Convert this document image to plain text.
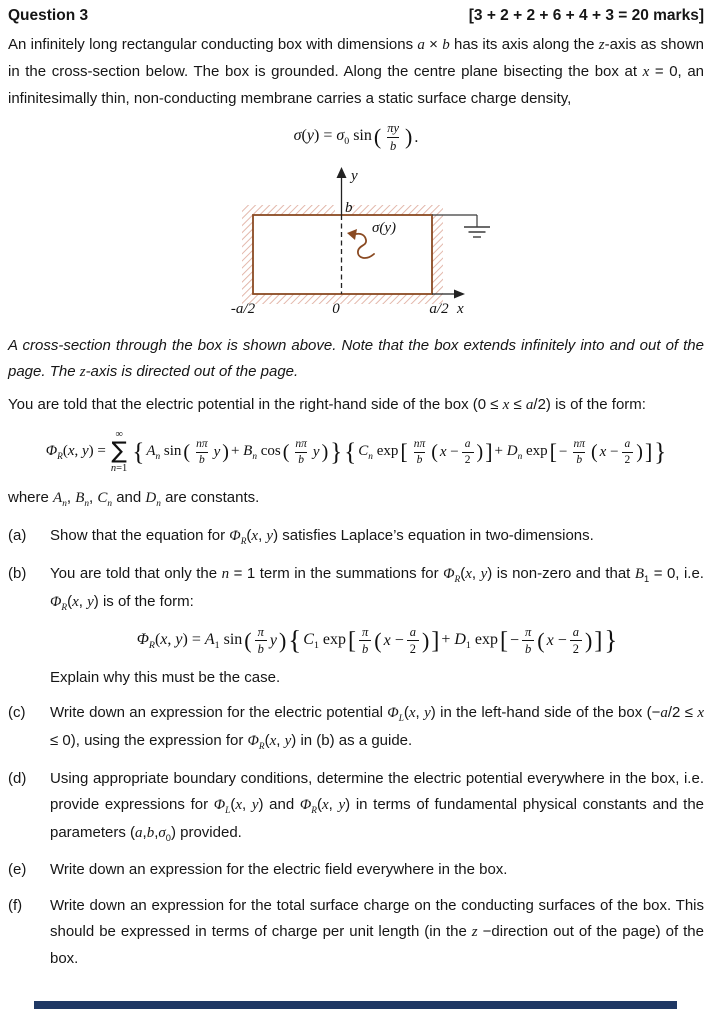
Question 3	[3 + 2 + 2 + 6 + 4 + 3 = 20 marks]

An infinitely long rectangular conducting box with dimensions a × b has its axis along the z-axis as shown in the cross-section below. The box is grounded. Along the centre plane bisecting the box at x = 0, an infinitesimally thin, non-conducting membrane carries a static surface charge density,

$\sigma(y) = \sigma_0$ sin ( $\frac{\pi y}{b}$ ) .
y
b
σ(y)
-a/2	0	a/2 x

A cross-section through the box is shown above. Note that the box extends infinitely into and out of the page. The z-axis is directed out of the page.

You are told that the electric potential in the right-hand side of the box (0 ≤ x ≤ a/2) is of the form:

$\Phi_R(x$, y) =
∞
∑
n=1
{ $A_n$ sin ( $\frac{n\pi}{b}$ y ) + $B_n$ cos ( $\frac{n\pi}{b}$ y ) } { $C_n$ exp [ $\frac{n\pi}{b}$ ( $x - \frac{a}{2}$ ) ] + $D_n$ exp [ − $\frac{n\pi}{b}$ ( $x - \frac{a}{2}$ ) ] }

where $A_n$, $B_n$, $C_n$ and $D_n$ are constants.

(a)	Show that the equation for $\Phi_R(x$, y) satisfies Laplace’s equation in two-dimensions.
(b)	You are told that only the n = 1 term in the summations for $\Phi_R(x$, y) is non-zero and that $B_1 = 0$, i.e. $\Phi_R(x$, y) is of the form:

$\Phi_R(x$, $y) = A_1$ sin ( $\frac{\pi}{b}$ y ) { $C_1$ exp [ $\frac{\pi}{b}$ ( $x - \frac{a}{2}$ ) ] + $D_1$ exp [ − $\frac{\pi}{b}$ ( $x - \frac{a}{2}$ ) ] }

Explain why this must be the case.

(c)	Write down an expression for the electric potential $\Phi_L(x$, y) in the left-hand side of the box (−a/2 ≤ x ≤ 0), using the expression for $\Phi_R(x$, y) in (b) as a guide.
(d)	Using appropriate boundary conditions, determine the electric potential everywhere in the box, i.e. provide expressions for $\Phi_L(x$, y) and $\Phi_R(x$, y) in terms of fundamental physical constants and the parameters $(a,b,\sigma_0)$ provided.
(e)	Write down an expression for the electric field everywhere in the box.
(f)	Write down an expression for the total surface charge on the conducting surfaces of the box. This should be expressed in terms of charge per unit length (in the z −direction out of the page) of the box.
